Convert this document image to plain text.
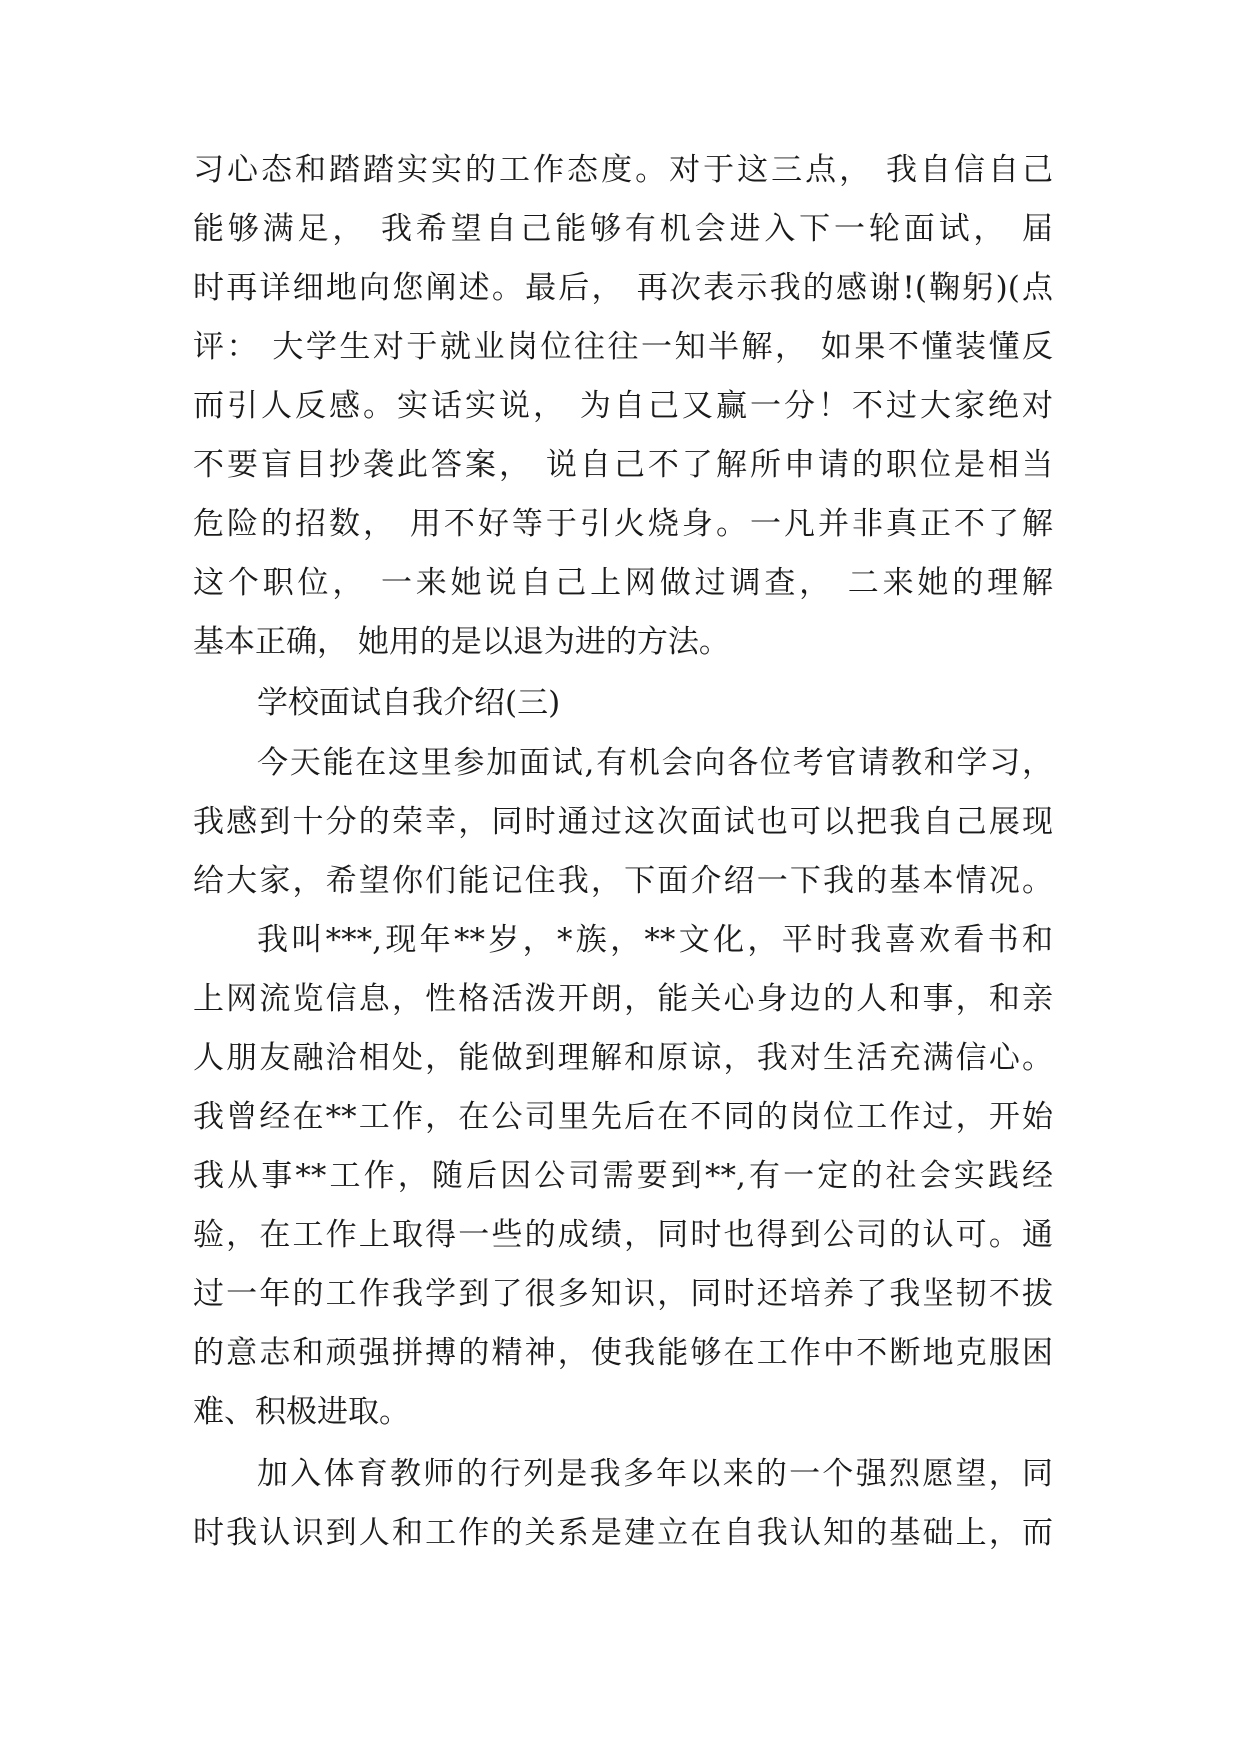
习心态和踏踏实实的工作态度。对于这三点， 我自信自己
能够满足， 我希望自己能够有机会进入下一轮面试， 届
时再详细地向您阐述。最后， 再次表示我的感谢!(鞠躬)(点
评： 大学生对于就业岗位往往一知半解， 如果不懂装懂反
而引人反感。实话实说， 为自己又赢一分！不过大家绝对
不要盲目抄袭此答案， 说自己不了解所申请的职位是相当
危险的招数， 用不好等于引火烧身。一凡并非真正不了解
这个职位， 一来她说自己上网做过调查， 二来她的理解
基本正确， 她用的是以退为进的方法。
学校面试自我介绍(三)
今天能在这里参加面试,有机会向各位考官请教和学习，
我感到十分的荣幸，同时通过这次面试也可以把我自己展现
给大家，希望你们能记住我，下面介绍一下我的基本情况。
我叫***,现年**岁，*族，**文化，平时我喜欢看书和
上网流览信息，性格活泼开朗，能关心身边的人和事，和亲
人朋友融洽相处，能做到理解和原谅，我对生活充满信心。
我曾经在**工作，在公司里先后在不同的岗位工作过，开始
我从事**工作，随后因公司需要到**,有一定的社会实践经
验，在工作上取得一些的成绩，同时也得到公司的认可。通
过一年的工作我学到了很多知识，同时还培养了我坚韧不拔
的意志和顽强拼搏的精神，使我能够在工作中不断地克服困
难、积极进取。
加入体育教师的行列是我多年以来的一个强烈愿望，同
时我认识到人和工作的关系是建立在自我认知的基础上，而
